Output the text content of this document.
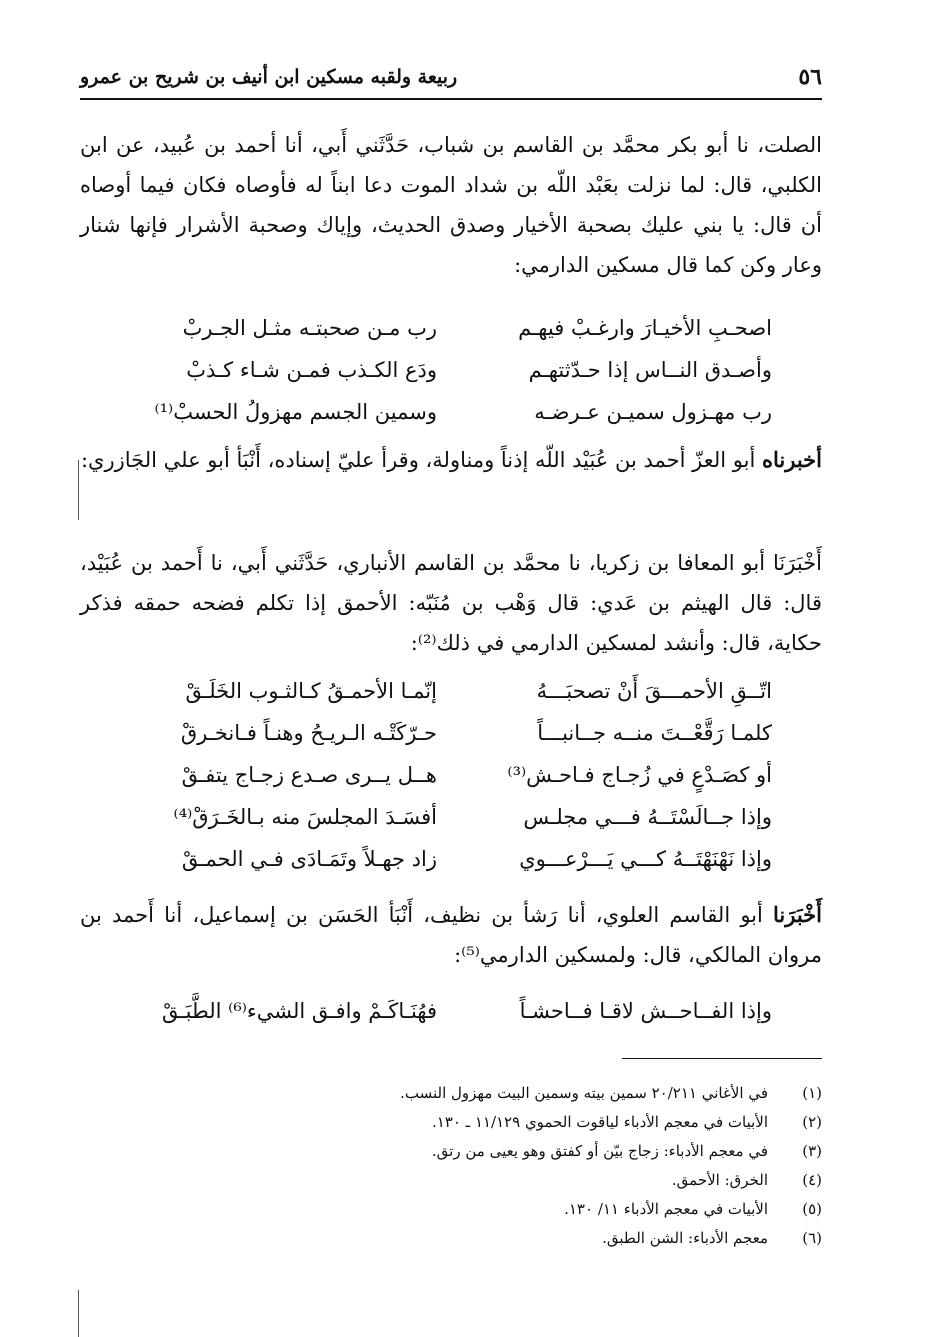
٥٦
ربيعة ولقبه مسكين ابن أنيف بن شريح بن عمرو
الصلت، نا أبو بكر محمَّد بن القاسم بن شباب، حَدَّثَني أَبي، أنا أحمد بن عُبيد، عن ابن الكلبي، قال: لما نزلت بعَبْد اللّه بن شداد الموت دعا ابناً له فأوصاه فكان فيما أوصاه أن قال: يا بني عليك بصحبة الأخيار وصدق الحديث، وإياك وصحبة الأشرار فإنها شنار وعار وكن كما قال مسكين الدارمي:
اصحـبِ الأخيـارَ وارغـبْ فيهـم
رب مـن صحبتـه مثـل الجـربْ
وأصـدق النــاس إذا حـدّثتهـم
ودَع الكـذب فمـن شـاء كـذبْ
رب مهـزول سميـن عـرضـه
وسمين الجسم مهزولُ الحسبْ⁽¹⁾
أخبرناه أبو العزّ أحمد بن عُبَيْد اللّه إذناً ومناولة، وقرأ عليّ إسناده، أَنْبَأ أبو علي الجَازري:
أَخْبَرَنَا أبو المعافا بن زكريا، نا محمَّد بن القاسم الأنباري، حَدَّثَني أَبي، نا أَحمد بن عُبَيْد، قال: قال الهيثم بن عَدي: قال وَهْب بن مُنَبّه: الأحمق إذا تكلم فضحه حمقه فذكر حكاية، قال: وأنشد لمسكين الدارمي في ذلك⁽²⁾:
اتّــقِ الأحمـــقَ أَنْ تصحبَـــهُ
إنّمـا الأحمـقُ كـالثـوب الخَلَـقْ
كلمـا رَقَّعْــتَ منــه جــانبـــاً
حـرّكَتْـه الـريـحُ وهنـاً فـانخـرقْ
أو كصَـدْعٍ في زُجـاج فـاحـش⁽³⁾
هــل يــرى صـدع زجـاج يتفـقْ
وإذا جــالَسْتَــهُ فـــي مجلـس
أفسَـدَ المجلسَ منه بـالخَـرَقْ⁽⁴⁾
وإذا نَهْنَهْتَــهُ كـــي يَـــرْعـــوي
زاد جهـلاً وتَمَـادَى فـي الحمـقْ
أَخْبَرَنا أبو القاسم العلوي، أنا رَشأ بن نظيف، أَنْبَأ الحَسَن بن إسماعيل، أنا أَحمد بن مروان المالكي، قال: ولمسكين الدارمي⁽⁵⁾:
وإذا الفــاحــش لاقـا فــاحشـاً
فهُنَـاكَـمْ وافـق الشيء⁽⁶⁾ الطَّبَـقْ
(١)
في الأغاني ٢٠/٢١١ سمين بيته وسمين البيت مهزول النسب.
(٢)
الأبيات في معجم الأدباء لياقوت الحموي ١١/١٢٩ ـ ١٣٠.
(٣)
في معجم الأدباء: زجاج بيّن أو كفتق وهو يعيى من رتق.
(٤)
الخرق: الأحمق.
(٥)
الأبيات في معجم الأدباء ١١/ ١٣٠.
(٦)
معجم الأدباء: الشن الطبق.
